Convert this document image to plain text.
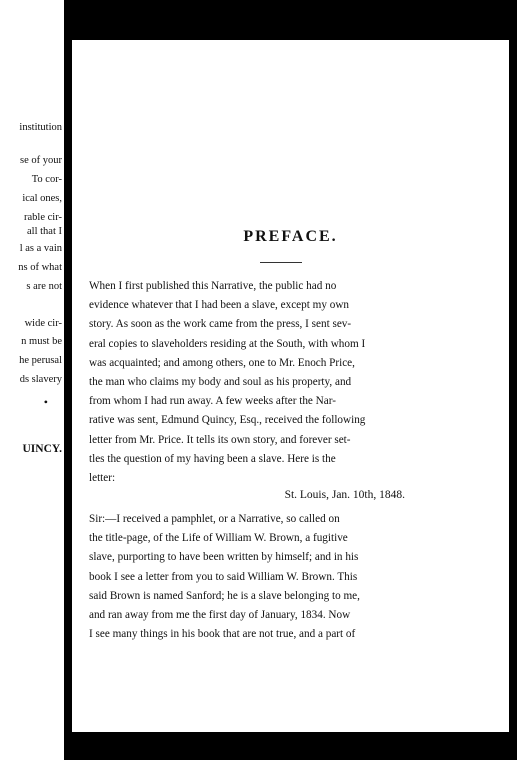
institution
se of your
To cor-
ical ones,
rable cir-
all that I
l as a vain
ns of what
s are not
wide cir-
n must be
he perusal
ds slavery
•
UINCY.
PREFACE.
When I first published this Narrative, the public had no
evidence whatever that I had been a slave, except my own
story. As soon as the work came from the press, I sent sev-
eral copies to slaveholders residing at the South, with whom I
was acquainted; and among others, one to Mr. Enoch Price,
the man who claims my body and soul as his property, and
from whom I had run away. A few weeks after the Nar-
rative was sent, Edmund Quincy, Esq., received the following
letter from Mr. Price. It tells its own story, and forever set-
tles the question of my having been a slave. Here is the
letter:
St. Louis, Jan. 10th, 1848.
Sir:—I received a pamphlet, or a Narrative, so called on
the title-page, of the Life of William W. Brown, a fugitive
slave, purporting to have been written by himself; and in his
book I see a letter from you to said William W. Brown. This
said Brown is named Sanford; he is a slave belonging to me,
and ran away from me the first day of January, 1834. Now
I see many things in his book that are not true, and a part of
